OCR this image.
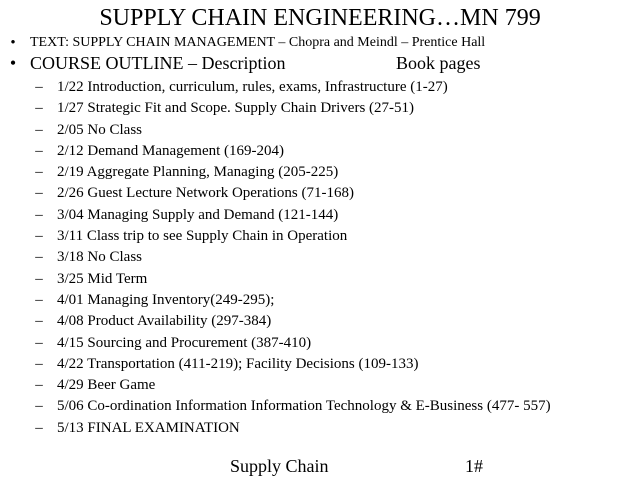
SUPPLY CHAIN ENGINEERING…MN 799
•	TEXT: SUPPLY CHAIN MANAGEMENT – Chopra and Meindl – Prentice Hall
• COURSE OUTLINE – Description	Book pages
– 1/22 Introduction, curriculum, rules, exams, Infrastructure (1-27)
– 1/27 Strategic Fit and Scope. Supply Chain Drivers (27-51)
– 2/05 No Class
– 2/12 Demand Management (169-204)
– 2/19 Aggregate Planning, Managing (205-225)
– 2/26 Guest Lecture Network Operations (71-168)
– 3/04 Managing Supply and Demand (121-144)
– 3/11 Class trip to see Supply Chain in Operation
– 3/18 No Class
– 3/25 Mid Term
– 4/01 Managing Inventory(249-295);
– 4/08 Product Availability (297-384)
– 4/15 Sourcing and Procurement (387-410)
– 4/22 Transportation (411-219); Facility Decisions (109-133)
– 4/29 Beer Game
– 5/06 Co-ordination Information Information Technology & E-Business (477- 557)
– 5/13 FINAL EXAMINATION
Supply Chain	1#
